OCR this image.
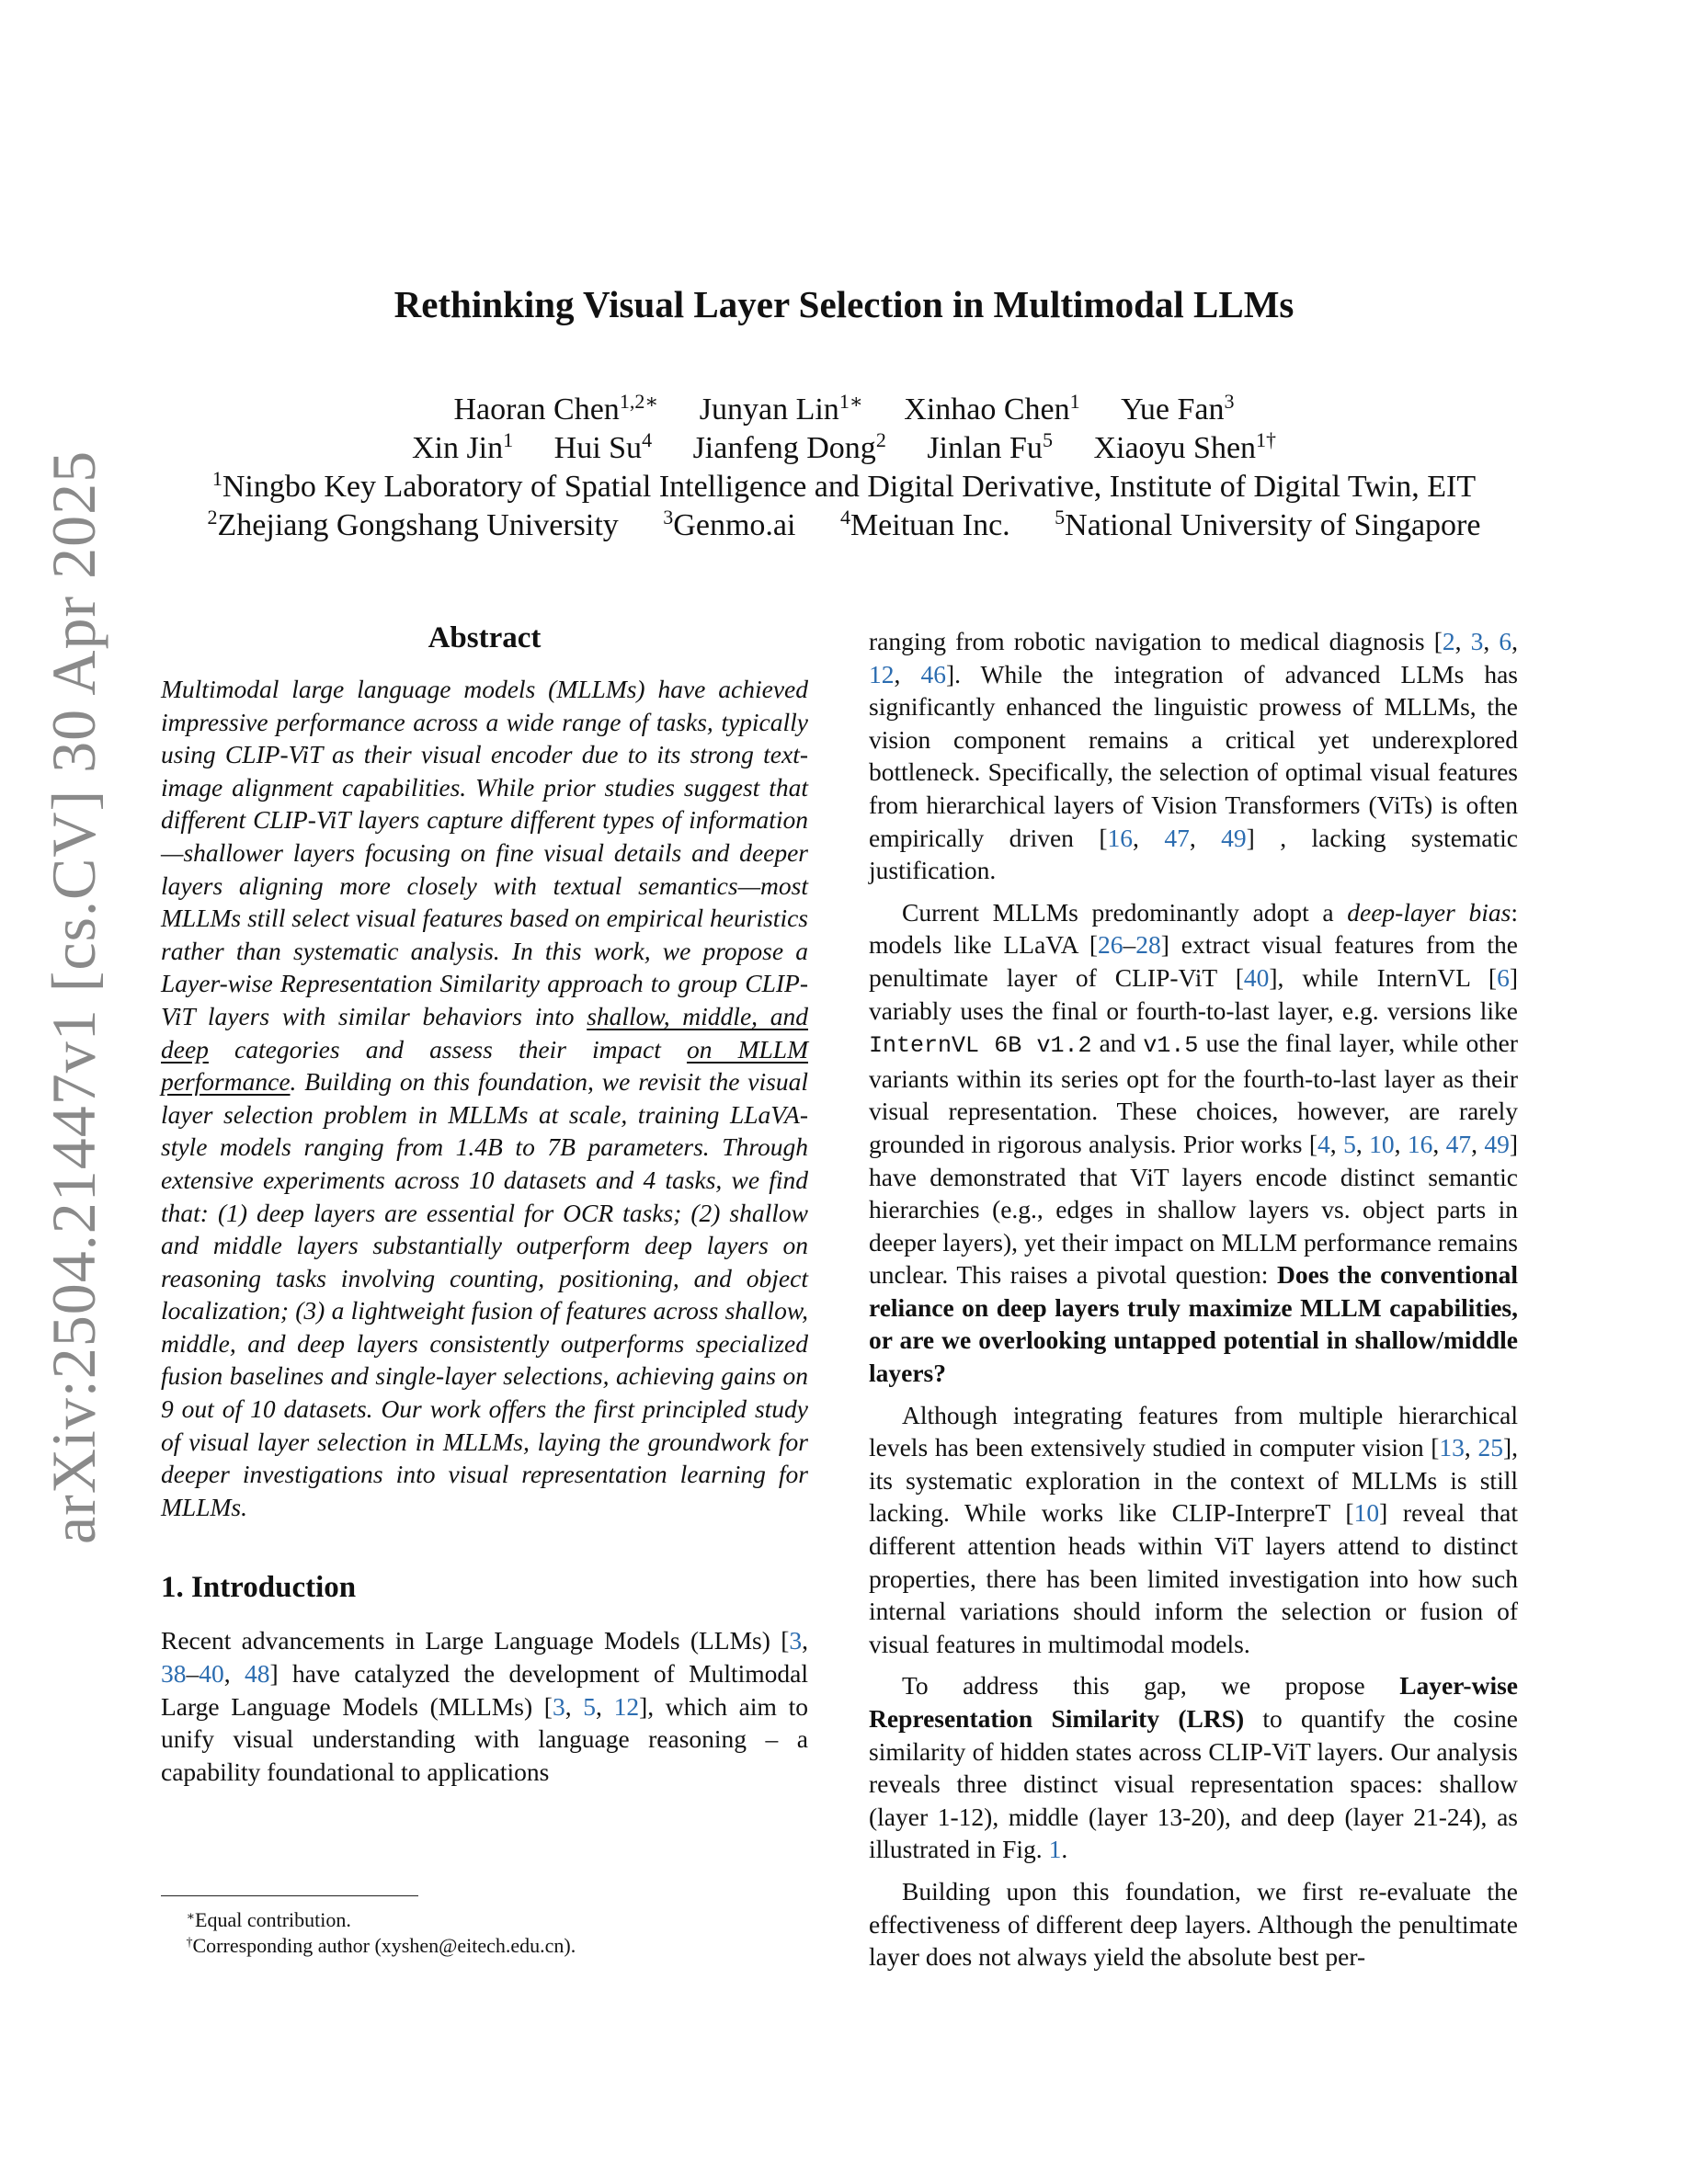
arXiv:2504.21447v1 [cs.CV] 30 Apr 2025
Rethinking Visual Layer Selection in Multimodal LLMs
Haoran Chen$^{1,2∗}$ Junyan Lin$^{1∗}$ Xinhao Chen$^1$ Yue Fan$^3$
Xin Jin$^1$ Hui Su$^4$ Jianfeng Dong$^2$ Jinlan Fu$^5$ Xiaoyu Shen$^{1\dagger}$
$^1$Ningbo Key Laboratory of Spatial Intelligence and Digital Derivative, Institute of Digital Twin, EIT
$^2$Zhejiang Gongshang University $^3$Genmo.ai $^4$Meituan Inc. $^5$National University of Singapore
Abstract

Multimodal large language models (MLLMs) have achieved impressive performance across a wide range of tasks, typically using CLIP-ViT as their visual encoder due to its strong text-image alignment capabilities. While prior studies suggest that different CLIP-ViT layers capture different types of information—shallower layers focusing on fine visual details and deeper layers aligning more closely with textual semantics—most MLLMs still select visual features based on empirical heuristics rather than systematic analysis. In this work, we propose a Layer-wise Representation Similarity approach to group CLIP-ViT layers with similar behaviors into shallow, middle, and deep categories and assess their impact on MLLM performance. Building on this foundation, we revisit the visual layer selection problem in MLLMs at scale, training LLaVA-style models ranging from 1.4B to 7B parameters. Through extensive experiments across 10 datasets and 4 tasks, we find that: (1) deep layers are essential for OCR tasks; (2) shallow and middle layers substantially outperform deep layers on reasoning tasks involving counting, positioning, and object localization; (3) a lightweight fusion of features across shallow, middle, and deep layers consistently outperforms specialized fusion baselines and single-layer selections, achieving gains on 9 out of 10 datasets. Our work offers the first principled study of visual layer selection in MLLMs, laying the groundwork for deeper investigations into visual representation learning for MLLMs.

1. Introduction

Recent advancements in Large Language Models (LLMs) [3, 38–40, 48] have catalyzed the development of Multimodal Large Language Models (MLLMs) [3, 5, 12], which aim to unify visual understanding with language reasoning – a capability foundational to applications

∗Equal contribution.
†Corresponding author (xyshen@eitech.edu.cn).

ranging from robotic navigation to medical diagnosis [2, 3, 6, 12, 46]. While the integration of advanced LLMs has significantly enhanced the linguistic prowess of MLLMs, the vision component remains a critical yet underexplored bottleneck. Specifically, the selection of optimal visual features from hierarchical layers of Vision Transformers (ViTs) is often empirically driven [16, 47, 49] , lacking systematic justification.

Current MLLMs predominantly adopt a deep-layer bias: models like LLaVA [26–28] extract visual features from the penultimate layer of CLIP-ViT [40], while InternVL [6] variably uses the final or fourth-to-last layer, e.g. versions like InternVL 6B v1.2 and v1.5 use the final layer, while other variants within its series opt for the fourth-to-last layer as their visual representation. These choices, however, are rarely grounded in rigorous analysis. Prior works [4, 5, 10, 16, 47, 49] have demonstrated that ViT layers encode distinct semantic hierarchies (e.g., edges in shallow layers vs. object parts in deeper layers), yet their impact on MLLM performance remains unclear. This raises a pivotal question: Does the conventional reliance on deep layers truly maximize MLLM capabilities, or are we overlooking untapped potential in shallow/middle layers?

Although integrating features from multiple hierarchical levels has been extensively studied in computer vision [13, 25], its systematic exploration in the context of MLLMs is still lacking. While works like CLIP-InterpreT [10] reveal that different attention heads within ViT layers attend to distinct properties, there has been limited investigation into how such internal variations should inform the selection or fusion of visual features in multimodal models.

To address this gap, we propose Layer-wise Representation Similarity (LRS) to quantify the cosine similarity of hidden states across CLIP-ViT layers. Our analysis reveals three distinct visual representation spaces: shallow (layer 1-12), middle (layer 13-20), and deep (layer 21-24), as illustrated in Fig. 1.

Building upon this foundation, we first re-evaluate the effectiveness of different deep layers. Although the penultimate layer does not always yield the absolute best per-
